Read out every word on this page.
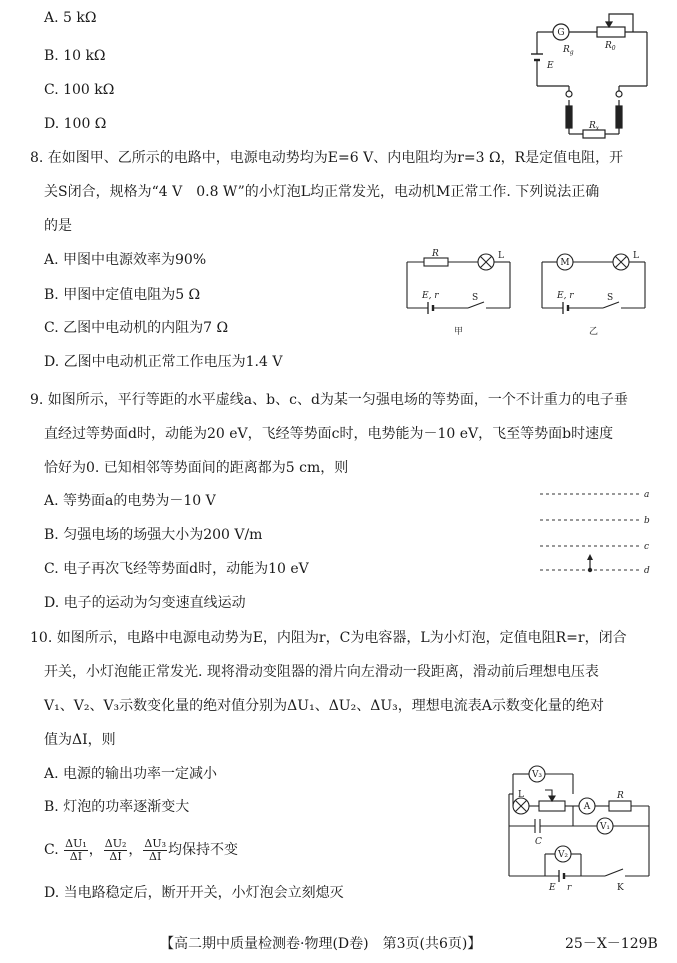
A. 5 kΩ
B. 10 kΩ
C. 100 kΩ
D. 100 Ω
G
$R_g$
$R_0$
E
$R_x$
8. 在如图甲、乙所示的电路中，电源电动势均为E=6 V、内电阻均为r=3 Ω，R是定值电阻，开
关S闭合，规格为“4 V　0.8 W”的小灯泡L均正常发光，电动机M正常工作. 下列说法正确
的是
A. 甲图中电源效率为90%
B. 甲图中定值电阻为5 Ω
C. 乙图中电动机的内阻为7 Ω
D. 乙图中电动机正常工作电压为1.4 V
R	L
E, r	S
甲
M
L
E, r	S
乙
9. 如图所示，平行等距的水平虚线a、b、c、d为某一匀强电场的等势面，一个不计重力的电子垂
直经过等势面d时，动能为20 eV，飞经等势面c时，电势能为－10 eV，飞至等势面b时速度
恰好为0. 已知相邻等势面间的距离都为5 cm，则
A. 等势面a的电势为－10 V
B. 匀强电场的场强大小为200 V/m
C. 电子再次飞经等势面d时，动能为10 eV
D. 电子的运动为匀变速直线运动
a
b
c
d
10. 如图所示，电路中电源电动势为E，内阻为r，C为电容器，L为小灯泡，定值电阻R=r，闭合
开关，小灯泡能正常发光. 现将滑动变阻器的滑片向左滑动一段距离，滑动前后理想电压表
V₁、V₂、V₃示数变化量的绝对值分别为ΔU₁、ΔU₂、ΔU₃，理想电流表A示数变化量的绝对
值为ΔI，则
A. 电源的输出功率一定减小
B. 灯泡的功率逐渐变大
C. $\frac{\text{ΔU₁}}{\Delta I}$ ， $\frac{\text{ΔU₂}}{\Delta I}$ ， $\frac{\text{ΔU₃}}{\Delta I}$ 均保持不变
D. 当电路稳定后，断开开关，小灯泡会立刻熄灭
V₃
L
A
R
V₁
C
V₂
E r	K
【高二期中质量检测卷·物理(D卷)　第3页(共6页)】	25－X－129B
